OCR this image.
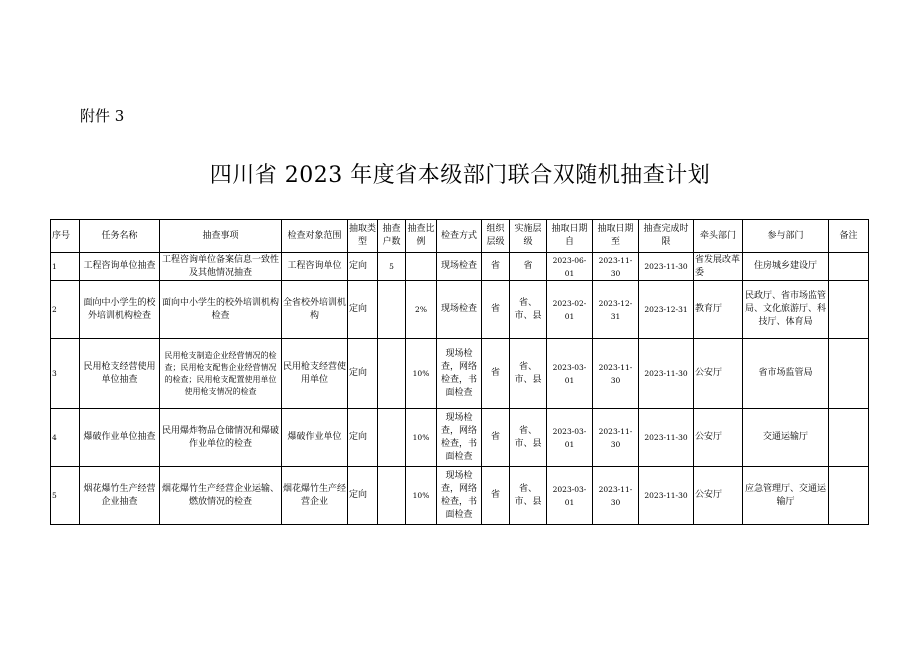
附件 3
四川省 2023 年度省本级部门联合双随机抽查计划
序号	任务名称	抽查事项	检查对象范围	抽取类型	抽查户数	抽查比例	检查方式	组织层级	实施层级	抽取日期自	抽取日期至	抽查完成时限	牵头部门	参与部门	备注
1	工程咨询单位抽查	工程咨询单位备案信息一致性及其他情况抽查	工程咨询单位	定向	5		现场检查	省	省	2023-06-01	2023-11-30	2023-11-30	省发展改革委	住房城乡建设厅	
2	面向中小学生的校外培训机构检查	面向中小学生的校外培训机构检查	全省校外培训机构	定向		2%	现场检查	省	省、市、县	2023-02-01	2023-12-31	2023-12-31	教育厅	民政厅、省市场监管局、文化旅游厅、科技厅、体育局	
3	民用枪支经营使用单位抽查	民用枪支制造企业经营情况的检查；民用枪支配售企业经营情况的检查；民用枪支配置使用单位使用枪支情况的检查	民用枪支经营使用单位	定向		10%	现场检查，网络检查，书面检查	省	省、市、县	2023-03-01	2023-11-30	2023-11-30	公安厅	省市场监管局	
4	爆破作业单位抽查	民用爆炸物品仓储情况和爆破作业单位的检查	爆破作业单位	定向		10%	现场检查，网络检查，书面检查	省	省、市、县	2023-03-01	2023-11-30	2023-11-30	公安厅	交通运输厅	
5	烟花爆竹生产经营企业抽查	烟花爆竹生产经营企业运输、燃放情况的检查	烟花爆竹生产经营企业	定向		10%	现场检查，网络检查，书面检查	省	省、市、县	2023-03-01	2023-11-30	2023-11-30	公安厅	应急管理厅、交通运输厅	
